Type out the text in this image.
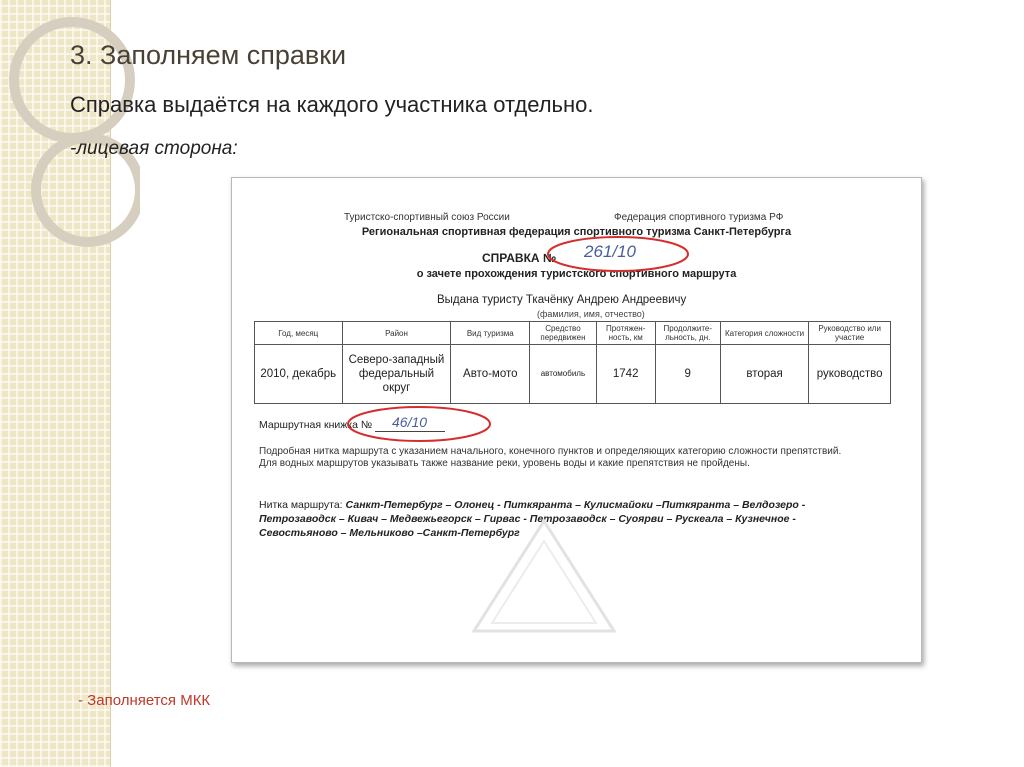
3. Заполняем справки
Справка выдаётся на каждого участника отдельно.
-лицевая сторона:
Туристско-спортивный союз России	Федерация спортивного туризма РФ
Региональная спортивная федерация спортивного туризма Санкт-Петербурга
СПРАВКА № 261/10
о зачете прохождения туристского спортивного маршрута
Выдана туристу Ткачёнку Андрею Андреевичу
(фамилия, имя, отчество)
Год, месяц	Район	Вид туризма	Средство передвижен	Протяжен-ность, км	Продолжите-льность, дн.	Категория сложности	Руководство или участие
2010, декабрь	Северо-западный федеральный округ	Авто-мото	автомобиль	1742	9	вторая	руководство
Маршрутная книжка № 46/10
Подробная нитка маршрута с указанием начального, конечного пунктов и определяющих категорию сложности препятствий. Для водных маршрутов указывать также название реки, уровень воды и какие препятствия не пройдены.
Нитка маршрута: Санкт-Петербург – Олонец - Питкяранта – Кулисмайоки –Питкяранта – Велдозеро - Петрозаводск – Кивач – Медвежьегорск – Гирвас - Петрозаводск – Суоярви – Рускеала – Кузнечное - Севостьяново – Мельниково –Санкт-Петербург
- Заполняется МКК
